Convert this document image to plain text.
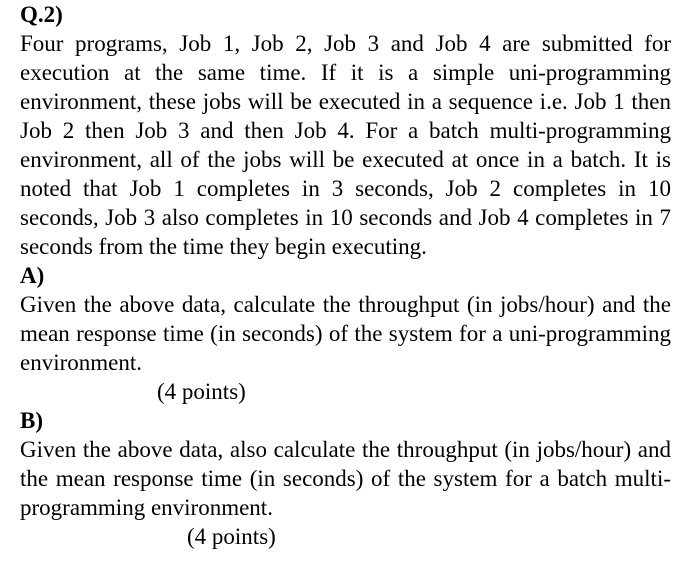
Q.2)

Four programs, Job 1, Job 2, Job 3 and Job 4 are submitted for execution at the same time. If it is a simple uni-programming environment, these jobs will be executed in a sequence i.e. Job 1 then Job 2 then Job 3 and then Job 4. For a batch multi-programming environment, all of the jobs will be executed at once in a batch. It is noted that Job 1 completes in 3 seconds, Job 2 completes in 10 seconds, Job 3 also completes in 10 seconds and Job 4 completes in 7 seconds from the time they begin executing.

A)

Given the above data, calculate the throughput (in jobs/hour) and the mean response time (in seconds) of the system for a uni-programming environment.

(4 points)

B)

Given the above data, also calculate the throughput (in jobs/hour) and the mean response time (in seconds) of the system for a batch multi-programming environment.

(4 points)
